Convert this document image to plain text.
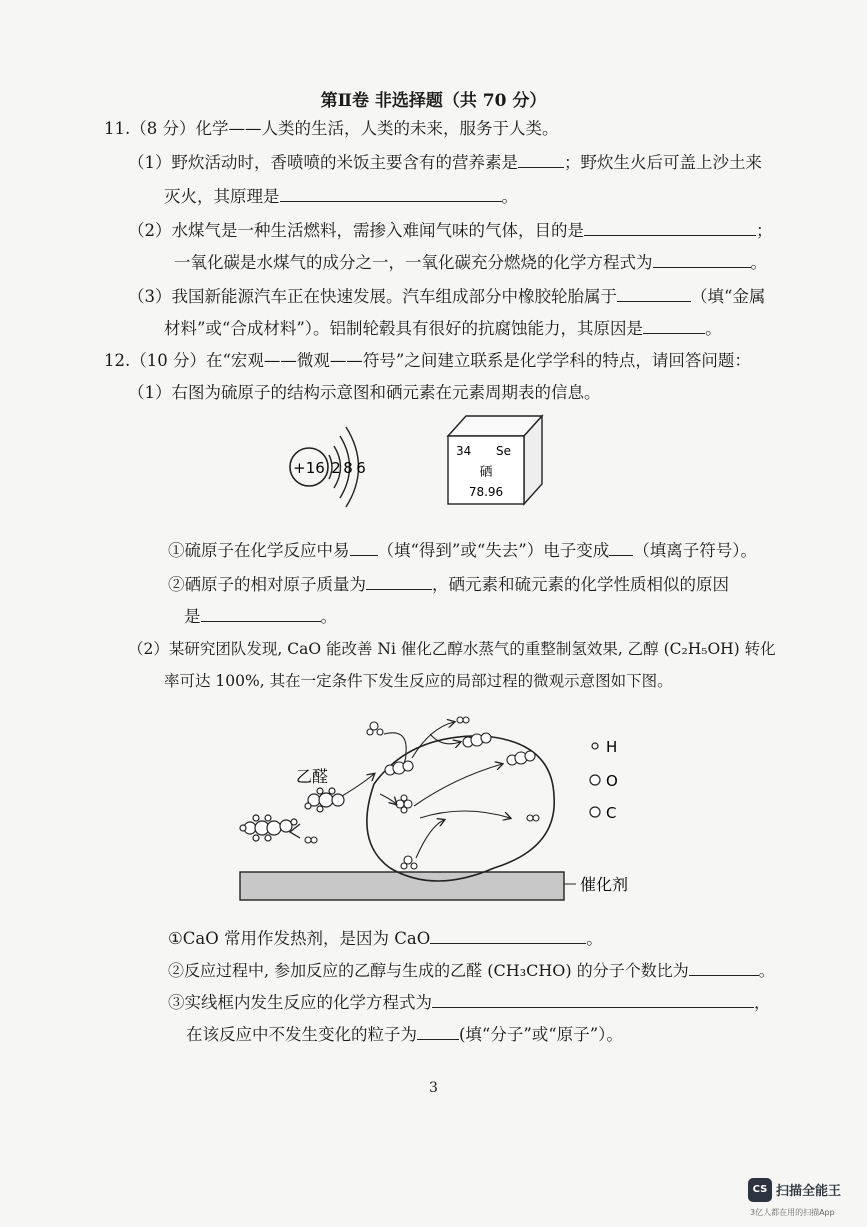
第Ⅱ卷 非选择题（共 70 分）
11.（8 分）化学——人类的生活，人类的未来，服务于人类。
（1）野炊活动时，香喷喷的米饭主要含有的营养素是	；野炊生火后可盖上沙土来
灭火，其原理是	。
（2）水煤气是一种生活燃料，需掺入难闻气味的气体，目的是	；
一氧化碳是水煤气的成分之一，一氧化碳充分燃烧的化学方程式为	。
（3）我国新能源汽车正在快速发展。汽车组成部分中橡胶轮胎属于	（填“金属
材料”或“合成材料”）。铝制轮毂具有很好的抗腐蚀能力，其原因是	。
12.（10 分）在“宏观——微观——符号”之间建立联系是化学学科的特点，请回答问题：
（1）右图为硫原子的结构示意图和硒元素在元素周期表的信息。
+16 2 8 6
34 Se
硒
78.96
①硫原子在化学反应中易 （填“得到”或“失去”）电子变成 （填离子符号）。
②硒原子的相对原子质量为	，硒元素和硫元素的化学性质相似的原因
是	。
（2）某研究团队发现, CaO 能改善 Ni 催化乙醇水蒸气的重整制氢效果, 乙醇 (C₂H₅OH) 转化
率可达 100%, 其在一定条件下发生反应的局部过程的微观示意图如下图。
催化剂
乙醛
H
O
C
①CaO 常用作发热剂，是因为 CaO	。
②反应过程中, 参加反应的乙醇与生成的乙醛 (CH₃CHO) 的分子个数比为	。
③实线框内发生反应的化学方程式为	，
在该反应中不发生变化的粒子为	(填“分子”或“原子”）。
3
CS 扫描全能王
3亿人都在用的扫描App
